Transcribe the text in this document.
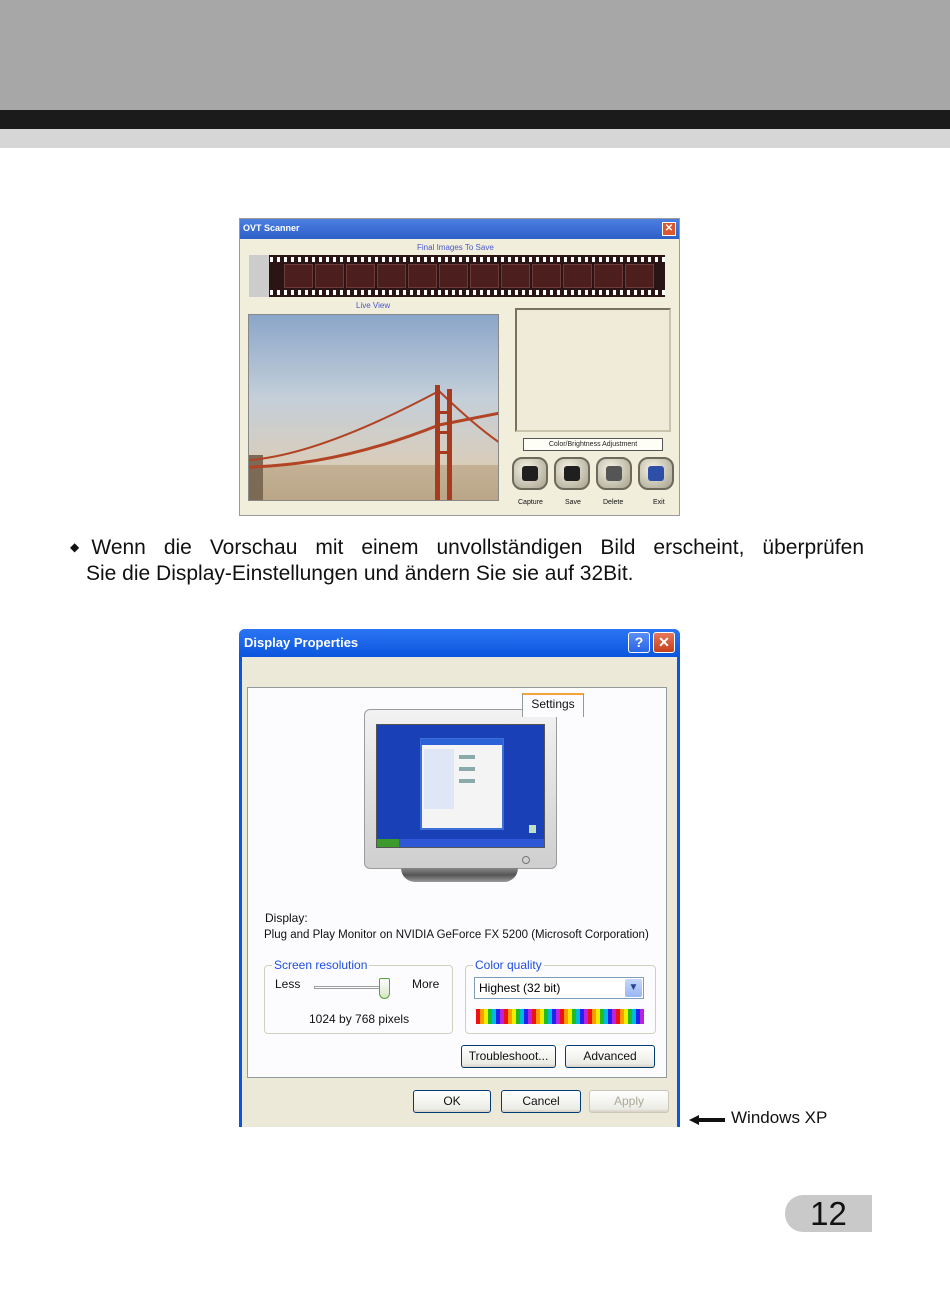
OVT Scanner	✕
Final Images To Save
Live View
Color/Brightness Adjustment
Capture	Save	Delete	Exit
◆Wenn die Vorschau mit einem unvollständigen Bild erscheint, überprüfen
Sie die Display-Einstellungen und ändern Sie sie auf 32Bit.
Display Properties	?	✕
Settings
Display:
Plug and Play Monitor on NVIDIA GeForce FX 5200 (Microsoft Corporation)
Screen resolution
Less	More
1024 by 768 pixels
Color quality
Highest (32 bit)	▼
Troubleshoot...	Advanced
OK	Cancel	Apply
Windows XP
12
